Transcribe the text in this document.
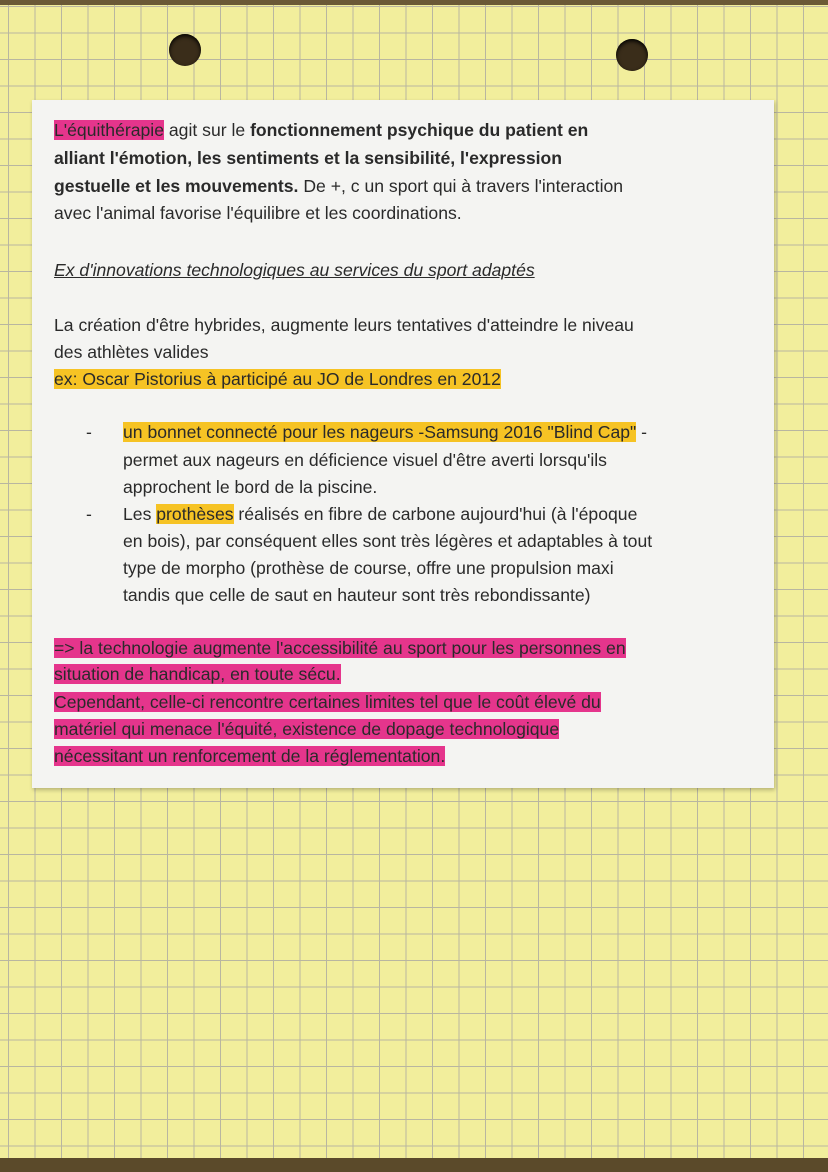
L'équithérapie agit sur le fonctionnement psychique du patient en
alliant l'émotion, les sentiments et la sensibilité, l'expression
gestuelle et les mouvements. De +, c un sport qui à travers l'interaction
avec l'animal favorise l'équilibre et les coordinations.
Ex d'innovations technologiques au services du sport adaptés
La création d'être hybrides, augmente leurs tentatives d'atteindre le niveau
des athlètes valides
ex: Oscar Pistorius à participé au JO de Londres en 2012
- un bonnet connecté pour les nageurs -Samsung 2016 "Blind Cap" -
permet aux nageurs en déficience visuel d'être averti lorsqu'ils
approchent le bord de la piscine.
- Les prothèses réalisés en fibre de carbone aujourd'hui (à l'époque
en bois), par conséquent elles sont très légères et adaptables à tout
type de morpho (prothèse de course, offre une propulsion maxi
tandis que celle de saut en hauteur sont très rebondissante)
=> la technologie augmente l'accessibilité au sport pour les personnes en
situation de handicap, en toute sécu.
Cependant, celle-ci rencontre certaines limites tel que le coût élevé du
matériel qui menace l'équité, existence de dopage technologique
nécessitant un renforcement de la réglementation.
